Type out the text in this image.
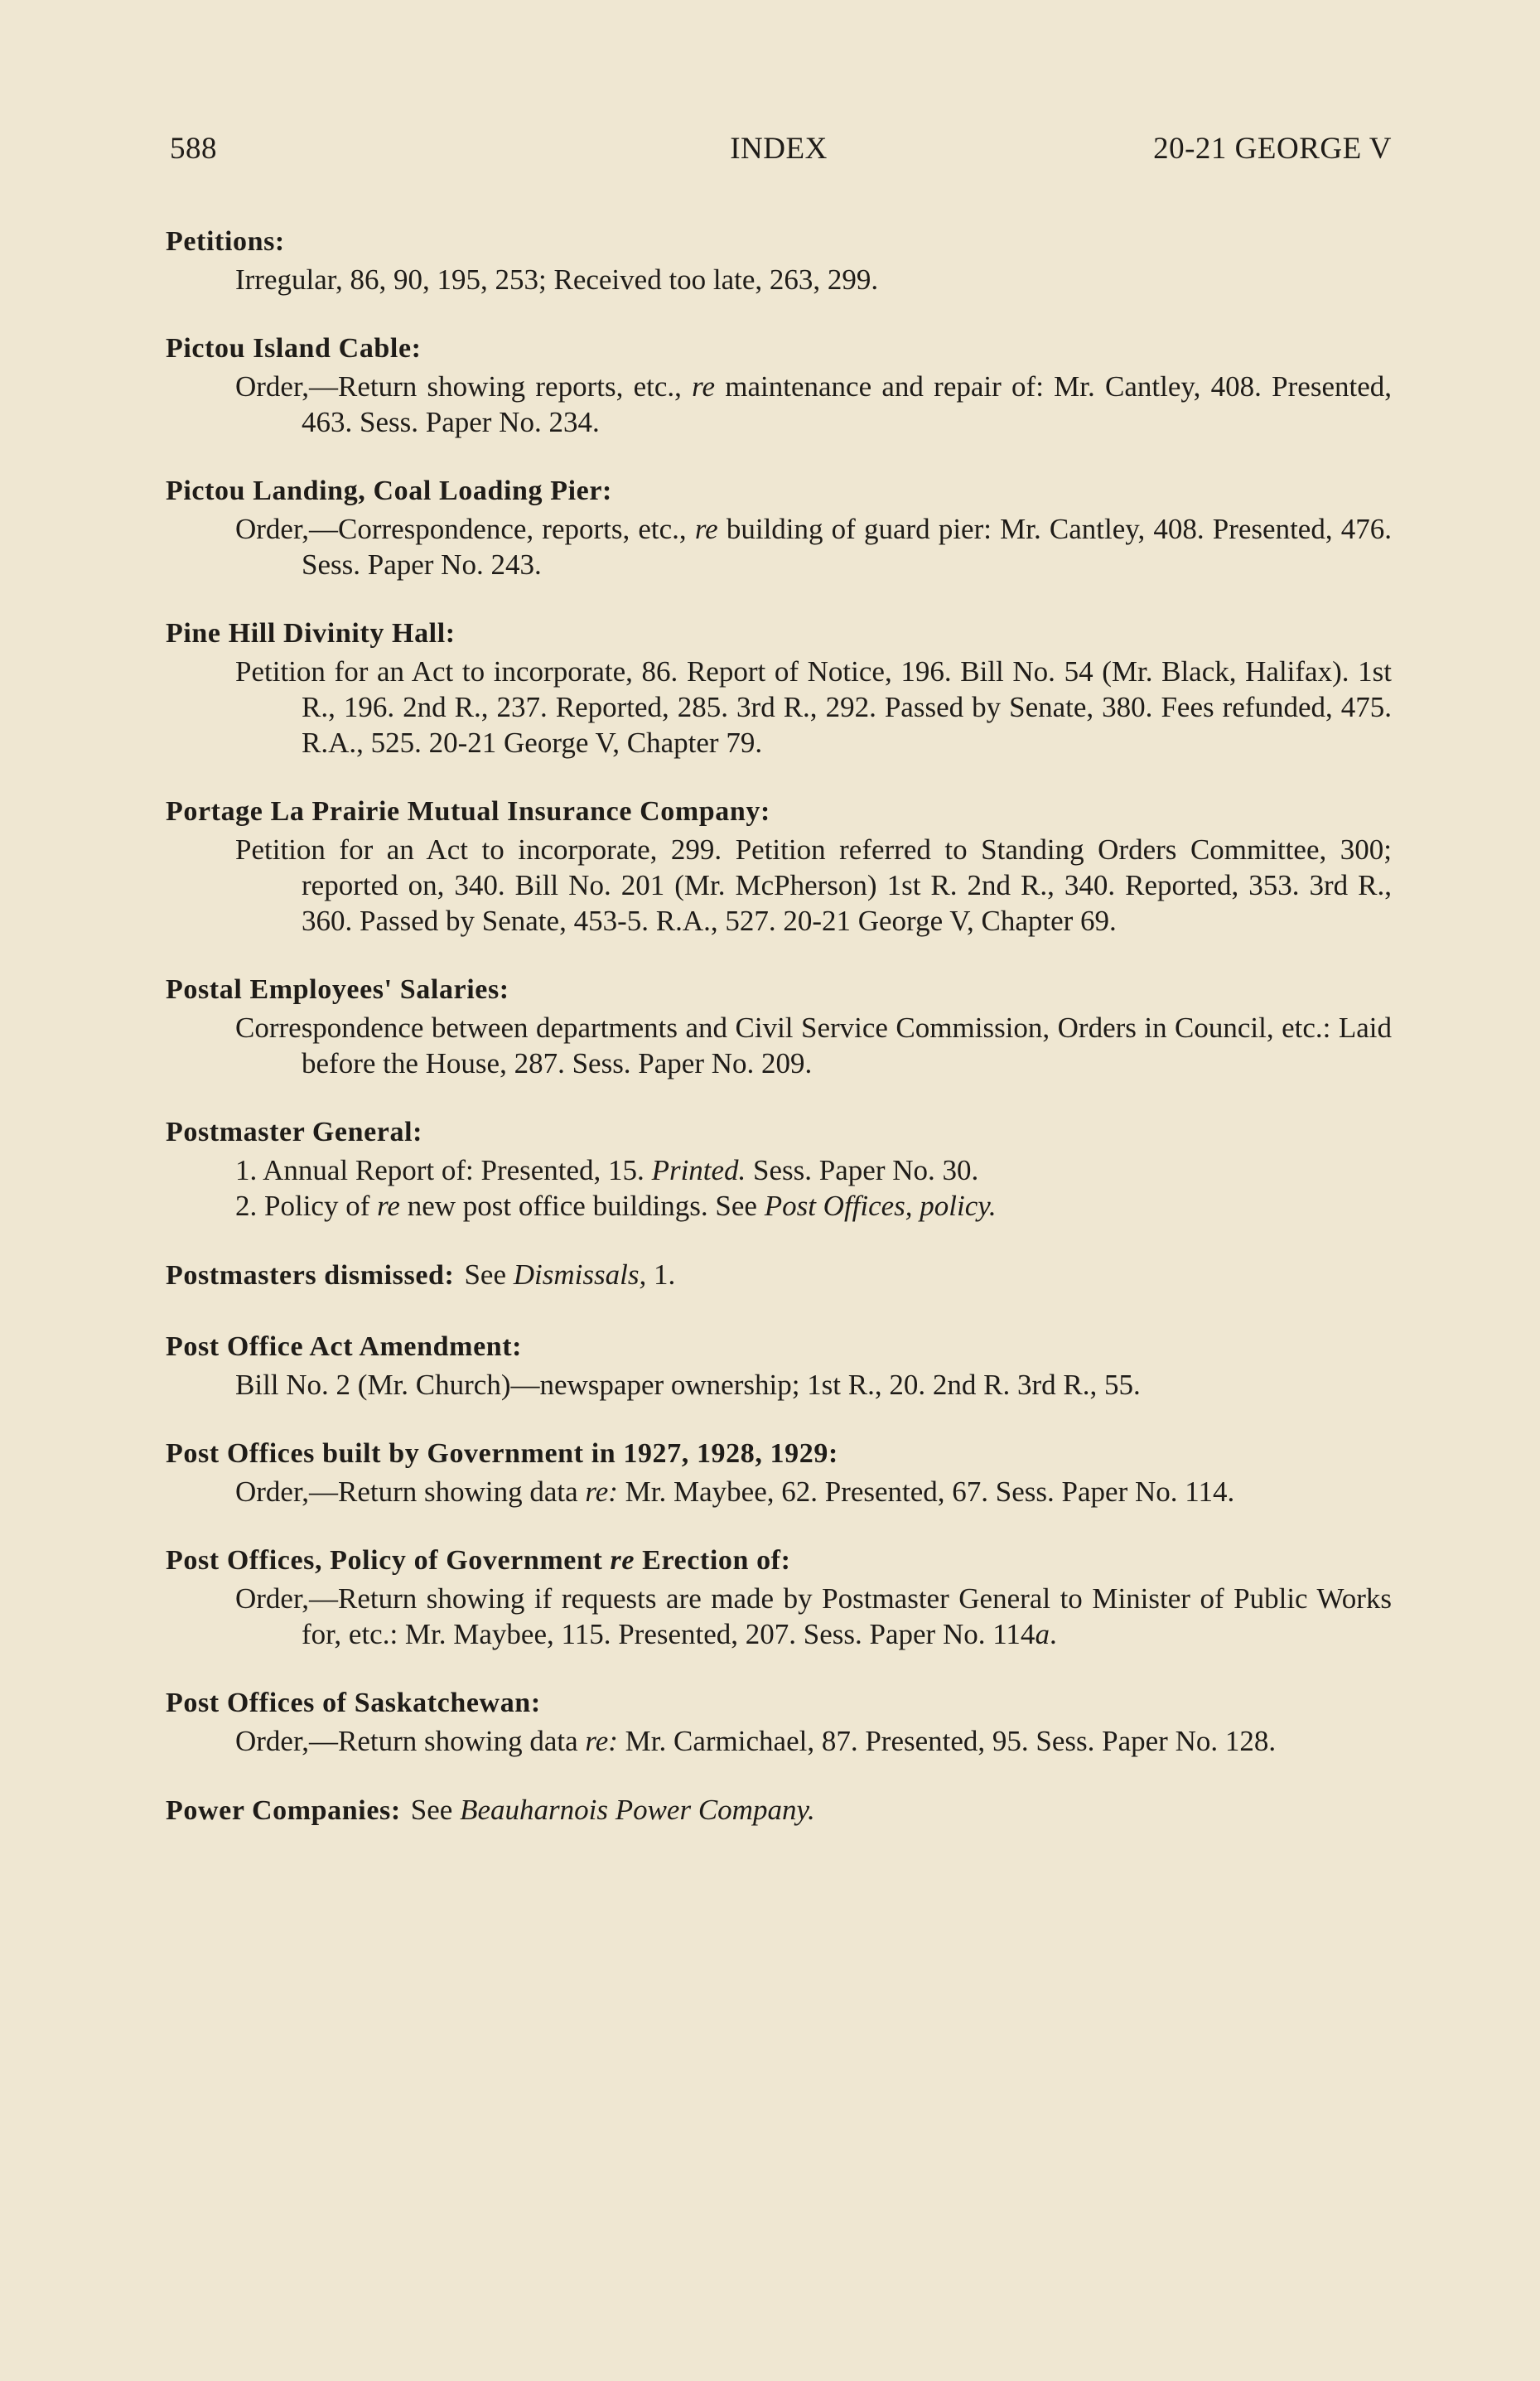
588	INDEX	20-21 GEORGE V
Petitions:
Irregular, 86, 90, 195, 253; Received too late, 263, 299.
Pictou Island Cable:
Order,—Return showing reports, etc., re maintenance and repair of: Mr. Cantley, 408. Presented, 463. Sess. Paper No. 234.
Pictou Landing, Coal Loading Pier:
Order,—Correspondence, reports, etc., re building of guard pier: Mr. Cantley, 408. Presented, 476. Sess. Paper No. 243.
Pine Hill Divinity Hall:
Petition for an Act to incorporate, 86. Report of Notice, 196. Bill No. 54 (Mr. Black, Halifax). 1st R., 196. 2nd R., 237. Reported, 285. 3rd R., 292. Passed by Senate, 380. Fees refunded, 475. R.A., 525. 20-21 George V, Chapter 79.
Portage La Prairie Mutual Insurance Company:
Petition for an Act to incorporate, 299. Petition referred to Standing Orders Committee, 300; reported on, 340. Bill No. 201 (Mr. McPherson) 1st R. 2nd R., 340. Reported, 353. 3rd R., 360. Passed by Senate, 453-5. R.A., 527. 20-21 George V, Chapter 69.
Postal Employees' Salaries:
Correspondence between departments and Civil Service Commission, Orders in Council, etc.: Laid before the House, 287. Sess. Paper No. 209.
Postmaster General:
1. Annual Report of: Presented, 15. Printed. Sess. Paper No. 30.
2. Policy of re new post office buildings. See Post Offices, policy.
Postmasters dismissed: See Dismissals, 1.
Post Office Act Amendment:
Bill No. 2 (Mr. Church)—newspaper ownership; 1st R., 20. 2nd R. 3rd R., 55.
Post Offices built by Government in 1927, 1928, 1929:
Order,—Return showing data re: Mr. Maybee, 62. Presented, 67. Sess. Paper No. 114.
Post Offices, Policy of Government re Erection of:
Order,—Return showing if requests are made by Postmaster General to Minister of Public Works for, etc.: Mr. Maybee, 115. Presented, 207. Sess. Paper No. 114a.
Post Offices of Saskatchewan:
Order,—Return showing data re: Mr. Carmichael, 87. Presented, 95. Sess. Paper No. 128.
Power Companies: See Beauharnois Power Company.
